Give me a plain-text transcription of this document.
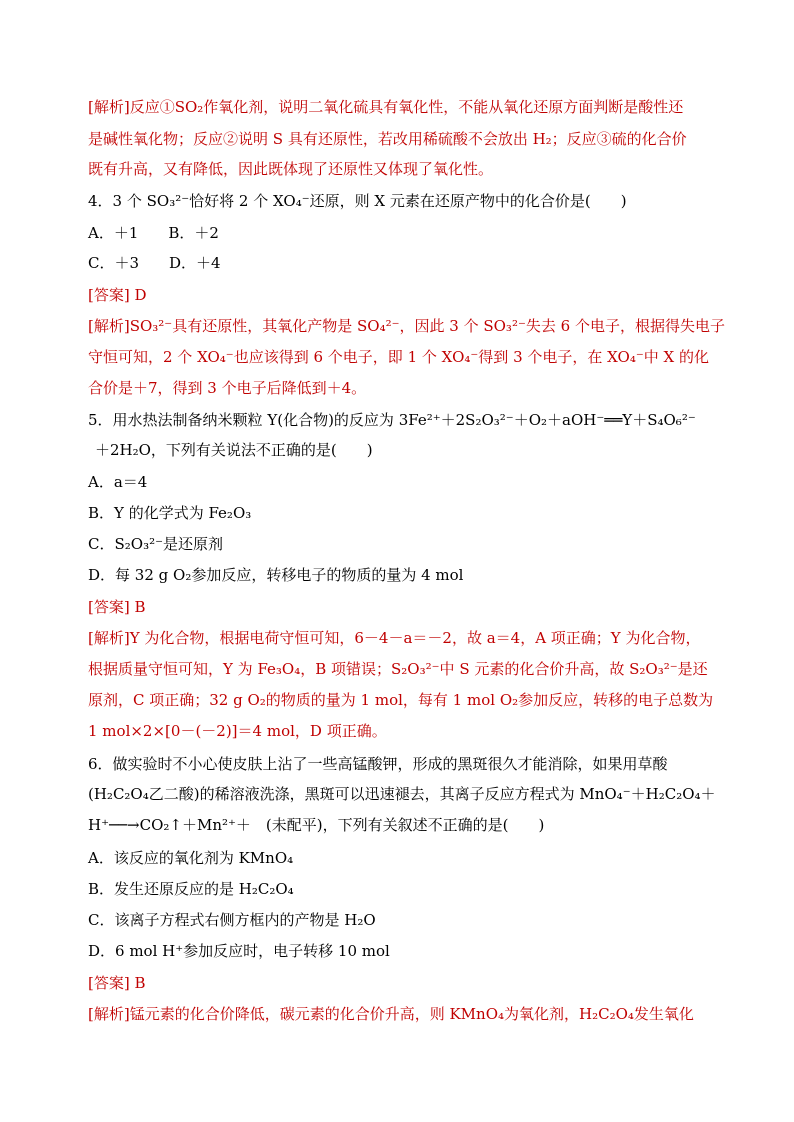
[解析]反应①SO₂作氧化剂，说明二氧化硫具有氧化性，不能从氧化还原方面判断是酸性还
是碱性氧化物；反应②说明 S 具有还原性，若改用稀硫酸不会放出 H₂；反应③硫的化合价
既有升高，又有降低，因此既体现了还原性又体现了氧化性。
4．3 个 SO₃²⁻恰好将 2 个 XO₄⁻还原，则 X 元素在还原产物中的化合价是(　　)
A．＋1　　B．＋2
C．＋3　　D．＋4
[答案] D
[解析]SO₃²⁻具有还原性，其氧化产物是 SO₄²⁻，因此 3 个 SO₃²⁻失去 6 个电子，根据得失电子
守恒可知，2 个 XO₄⁻也应该得到 6 个电子，即 1 个 XO₄⁻得到 3 个电子，在 XO₄⁻中 X 的化
合价是＋7，得到 3 个电子后降低到＋4。
5．用水热法制备纳米颗粒 Y(化合物)的反应为 3Fe²⁺＋2S₂O₃²⁻＋O₂＋aOH⁻══Y＋S₄O₆²⁻
＋2H₂O，下列有关说法不正确的是(　　)
A．a＝4
B．Y 的化学式为 Fe₂O₃
C．S₂O₃²⁻是还原剂
D．每 32 g O₂参加反应，转移电子的物质的量为 4 mol
[答案] B
[解析]Y 为化合物，根据电荷守恒可知，6－4－a＝－2，故 a＝4，A 项正确；Y 为化合物，
根据质量守恒可知，Y 为 Fe₃O₄，B 项错误；S₂O₃²⁻中 S 元素的化合价升高，故 S₂O₃²⁻是还
原剂，C 项正确；32 g O₂的物质的量为 1 mol，每有 1 mol O₂参加反应，转移的电子总数为
1 mol×2×[0－(－2)]＝4 mol，D 项正确。
6．做实验时不小心使皮肤上沾了一些高锰酸钾，形成的黑斑很久才能消除，如果用草酸
(H₂C₂O₄乙二酸)的稀溶液洗涤，黑斑可以迅速褪去，其离子反应方程式为 MnO₄⁻＋H₂C₂O₄＋
H⁺──→CO₂↑＋Mn²⁺＋　(未配平)，下列有关叙述不正确的是(　　)
A．该反应的氧化剂为 KMnO₄
B．发生还原反应的是 H₂C₂O₄
C．该离子方程式右侧方框内的产物是 H₂O
D．6 mol H⁺参加反应时，电子转移 10 mol
[答案] B
[解析]锰元素的化合价降低，碳元素的化合价升高，则 KMnO₄为氧化剂，H₂C₂O₄发生氧化
